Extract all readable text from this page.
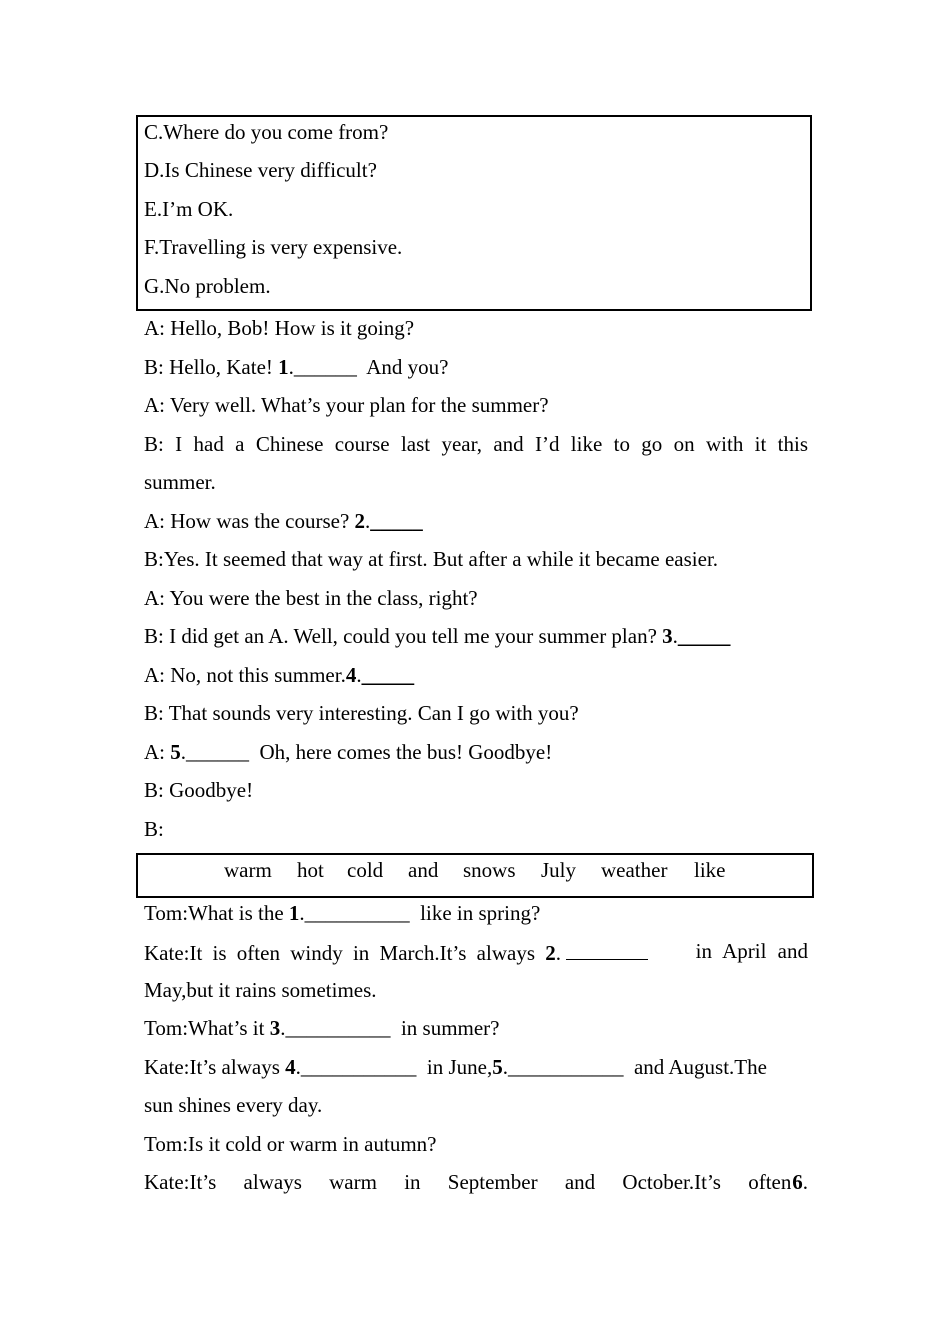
C.Where do you come from?
D.Is Chinese very difficult?
E.I’m OK.
F.Travelling is very expensive.
G.No problem.
A: Hello, Bob! How is it going?
B: Hello, Kate! 1.______  And you?
A: Very well. What’s your plan for the summer?
B: I had a Chinese course last year, and I’d like to go on with it this
summer.
A: How was the course? 2._____
B:Yes. It seemed that way at first. But after a while it became easier.
A: You were the best in the class, right?
B: I did get an A. Well, could you tell me your summer plan? 3._____
A: No, not this summer.4._____
B: That sounds very interesting. Can I go with you?
A: 5.______  Oh, here comes the bus! Goodbye!
B: Goodbye!
B:
warm hot cold and snows July weather like
Tom:What is the 1.__________  like in spring?
Kate:It is often windy in March.It’s always 2.	in April and
May,but it rains sometimes.
Tom:What’s it 3.__________  in summer?
Kate:It’s always 4.___________  in June,5.___________  and August.The
sun shines every day.
Tom:Is it cold or warm in autumn?
Kate:It’s always warm in September and October.It’s often 6.
